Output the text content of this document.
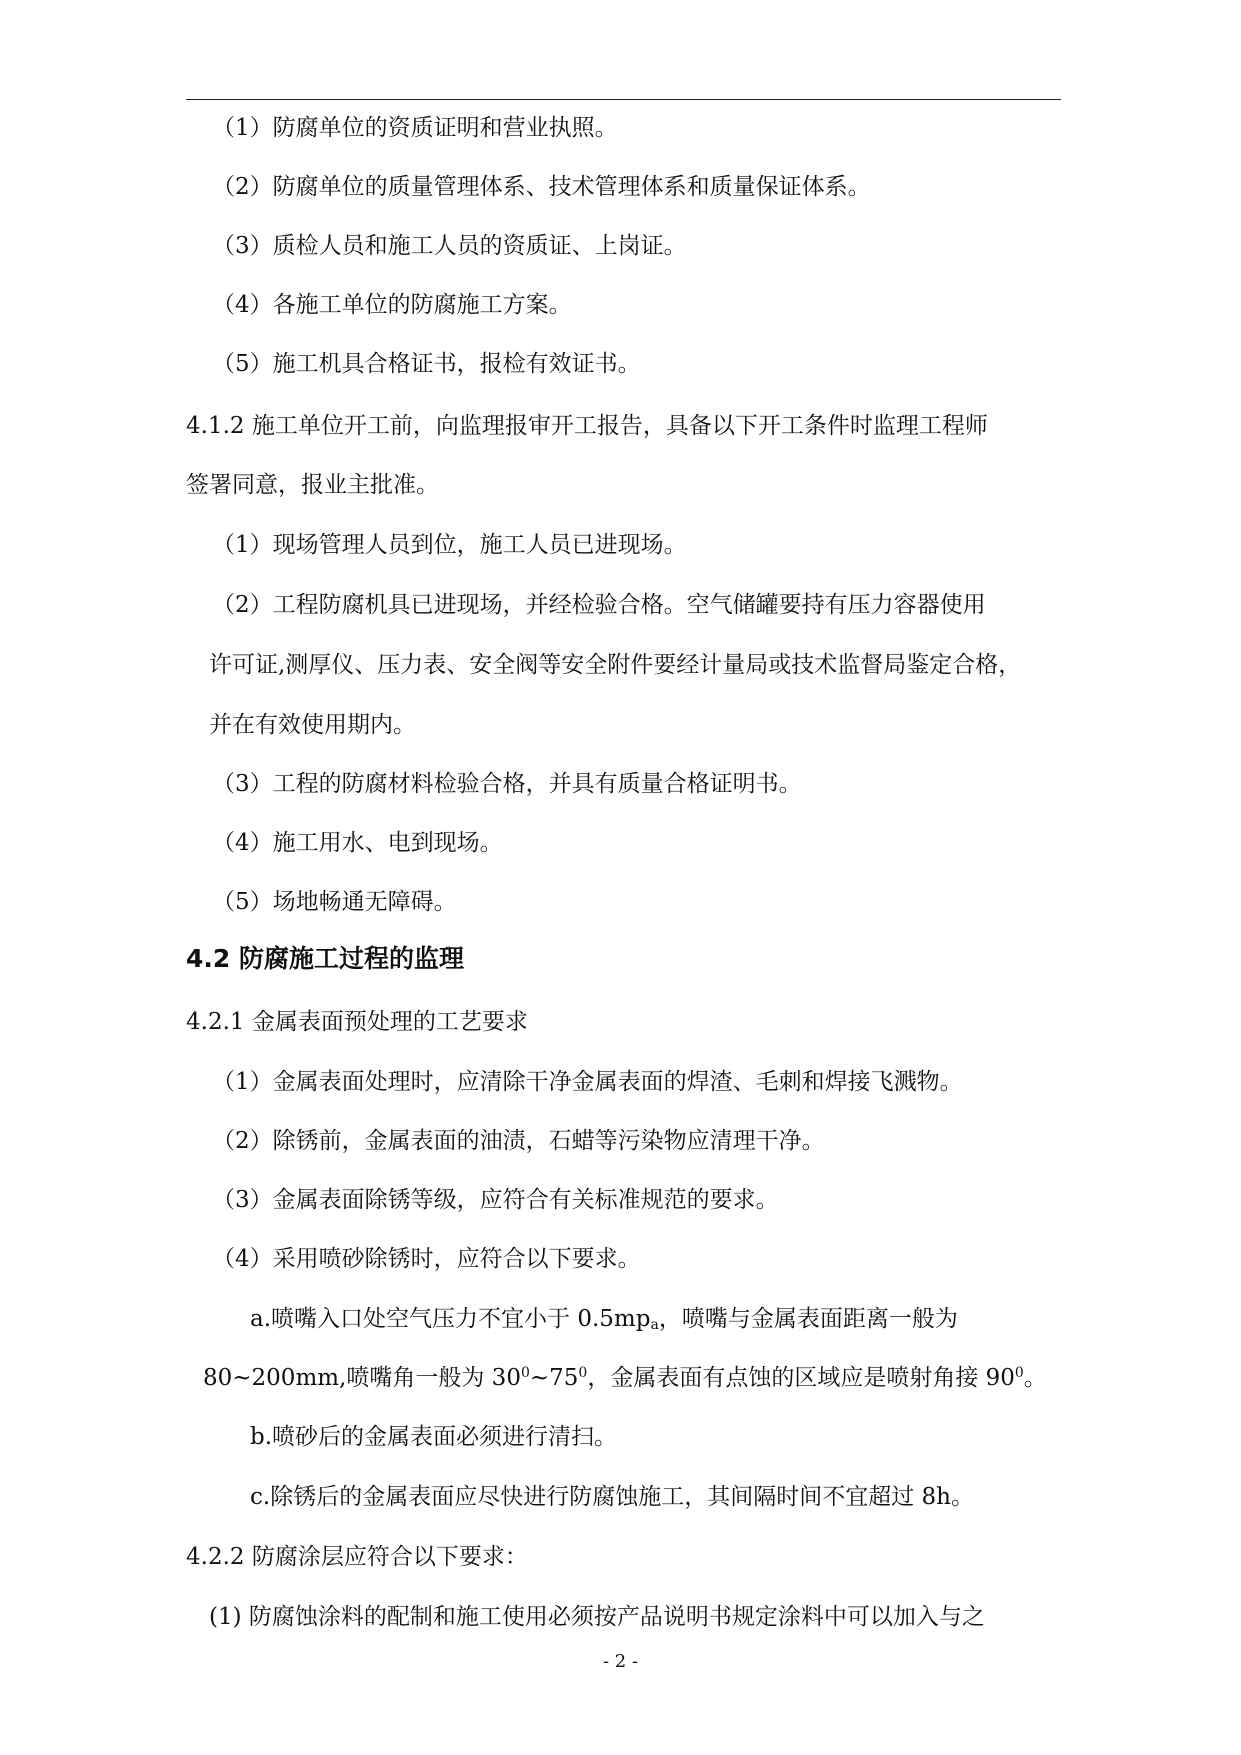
（1）防腐单位的资质证明和营业执照。
（2）防腐单位的质量管理体系、技术管理体系和质量保证体系。
（3）质检人员和施工人员的资质证、上岗证。
（4）各施工单位的防腐施工方案。
（5）施工机具合格证书，报检有效证书。
4.1.2 施工单位开工前，向监理报审开工报告，具备以下开工条件时监理工程师
签署同意，报业主批准。
（1）现场管理人员到位，施工人员已进现场。
（2）工程防腐机具已进现场，并经检验合格。空气储罐要持有压力容器使用
许可证,测厚仪、压力表、安全阀等安全附件要经计量局或技术监督局鉴定合格，
并在有效使用期内。
（3）工程的防腐材料检验合格，并具有质量合格证明书。
（4）施工用水、电到现场。
（5）场地畅通无障碍。
4.2 防腐施工过程的监理
4.2.1 金属表面预处理的工艺要求
（1）金属表面处理时，应清除干净金属表面的焊渣、毛刺和焊接飞溅物。
（2）除锈前，金属表面的油渍，石蜡等污染物应清理干净。
（3）金属表面除锈等级，应符合有关标准规范的要求。
（4）采用喷砂除锈时，应符合以下要求。
a.喷嘴入口处空气压力不宜小于 $0.5mp_a$，喷嘴与金属表面距离一般为
80~200mm,喷嘴角一般为 $30^0\sim 75^0$，金属表面有点蚀的区域应是喷射角接 $90^0$。
b.喷砂后的金属表面必须进行清扫。
c.除锈后的金属表面应尽快进行防腐蚀施工，其间隔时间不宜超过 8h。
4.2.2 防腐涂层应符合以下要求：
(1) 防腐蚀涂料的配制和施工使用必须按产品说明书规定涂料中可以加入与之
- 2 -
